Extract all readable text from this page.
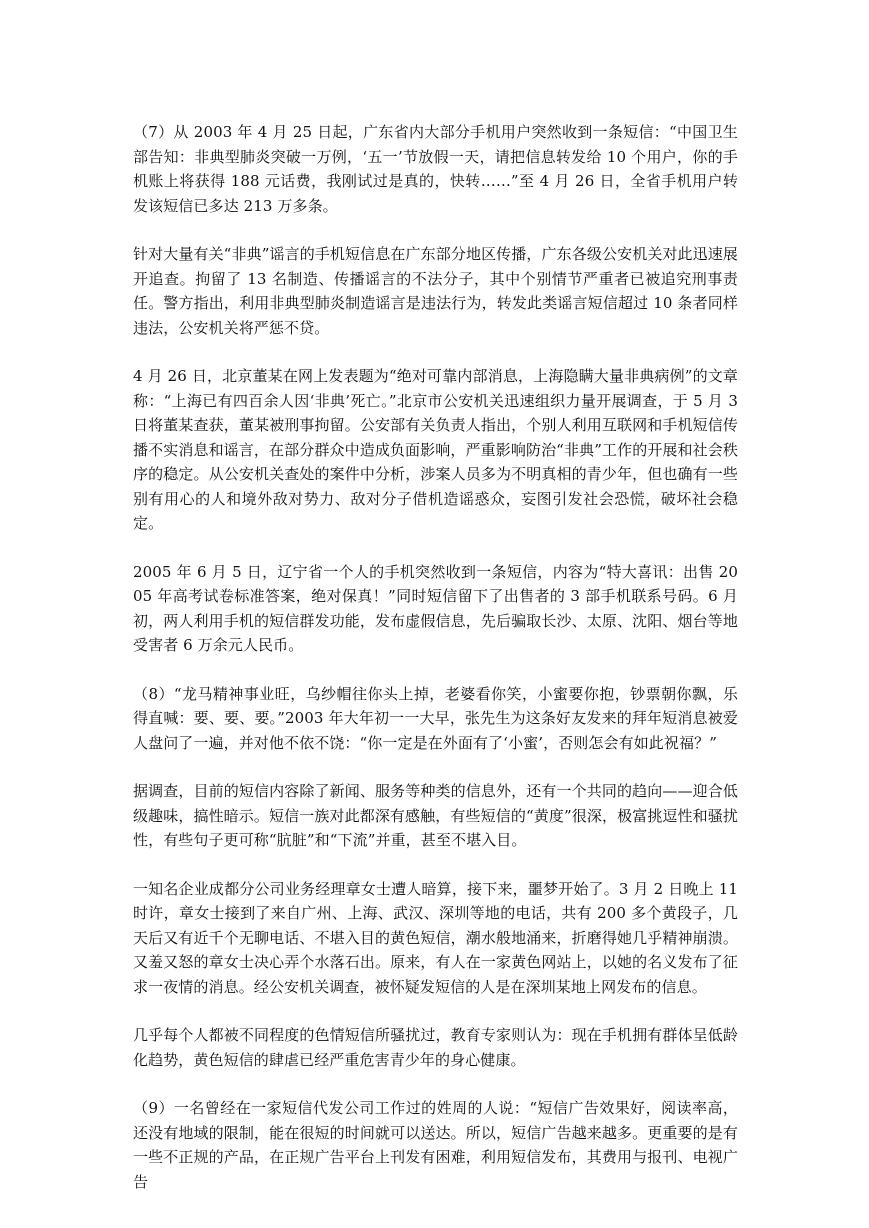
（7）从 2003 年 4 月 25 日起，广东省内大部分手机用户突然收到一条短信：“中国卫生部告知：非典型肺炎突破一万例，‘五一’节放假一天，请把信息转发给 10 个用户，你的手机账上将获得 188 元话费，我刚试过是真的，快转……”至 4 月 26 日，全省手机用户转发该短信已多达 213 万多条。

针对大量有关“非典”谣言的手机短信息在广东部分地区传播，广东各级公安机关对此迅速展开追查。拘留了 13 名制造、传播谣言的不法分子，其中个别情节严重者已被追究刑事责任。警方指出，利用非典型肺炎制造谣言是违法行为，转发此类谣言短信超过 10 条者同样违法，公安机关将严惩不贷。

4 月 26 日，北京董某在网上发表题为“绝对可靠内部消息，上海隐瞒大量非典病例”的文章称：“上海已有四百余人因‘非典’死亡。”北京市公安机关迅速组织力量开展调查，于 5 月 3 日将董某查获，董某被刑事拘留。公安部有关负责人指出，个别人利用互联网和手机短信传播不实消息和谣言，在部分群众中造成负面影响，严重影响防治“非典”工作的开展和社会秩序的稳定。从公安机关查处的案件中分析，涉案人员多为不明真相的青少年，但也确有一些别有用心的人和境外敌对势力、敌对分子借机造谣惑众，妄图引发社会恐慌，破坏社会稳定。

2005 年 6 月 5 日，辽宁省一个人的手机突然收到一条短信，内容为“特大喜讯：出售 2005 年高考试卷标准答案，绝对保真！”同时短信留下了出售者的 3 部手机联系号码。6 月初，两人利用手机的短信群发功能，发布虚假信息，先后骗取长沙、太原、沈阳、烟台等地受害者 6 万余元人民币。

（8）“龙马精神事业旺，乌纱帽往你头上掉，老婆看你笑，小蜜要你抱，钞票朝你飘，乐得直喊：要、要、要。”2003 年大年初一一大早，张先生为这条好友发来的拜年短消息被爱人盘问了一遍，并对他不依不饶：“你一定是在外面有了‘小蜜’，否则怎会有如此祝福？”

据调查，目前的短信内容除了新闻、服务等种类的信息外，还有一个共同的趋向——迎合低级趣味，搞性暗示。短信一族对此都深有感触，有些短信的“黄度”很深，极富挑逗性和骚扰性，有些句子更可称“肮脏”和“下流”并重，甚至不堪入目。

一知名企业成都分公司业务经理章女士遭人暗算，接下来，噩梦开始了。3 月 2 日晚上 11 时许，章女士接到了来自广州、上海、武汉、深圳等地的电话，共有 200 多个黄段子，几天后又有近千个无聊电话、不堪入目的黄色短信，潮水般地涌来，折磨得她几乎精神崩溃。又羞又怒的章女士决心弄个水落石出。原来，有人在一家黄色网站上，以她的名义发布了征求一夜情的消息。经公安机关调查，被怀疑发短信的人是在深圳某地上网发布的信息。

几乎每个人都被不同程度的色情短信所骚扰过，教育专家则认为：现在手机拥有群体呈低龄化趋势，黄色短信的肆虐已经严重危害青少年的身心健康。

（9）一名曾经在一家短信代发公司工作过的姓周的人说：“短信广告效果好，阅读率高，还没有地域的限制，能在很短的时间就可以送达。所以，短信广告越来越多。更重要的是有一些不正规的产品，在正规广告平台上刊发有困难，利用短信发布，其费用与报刊、电视广告
